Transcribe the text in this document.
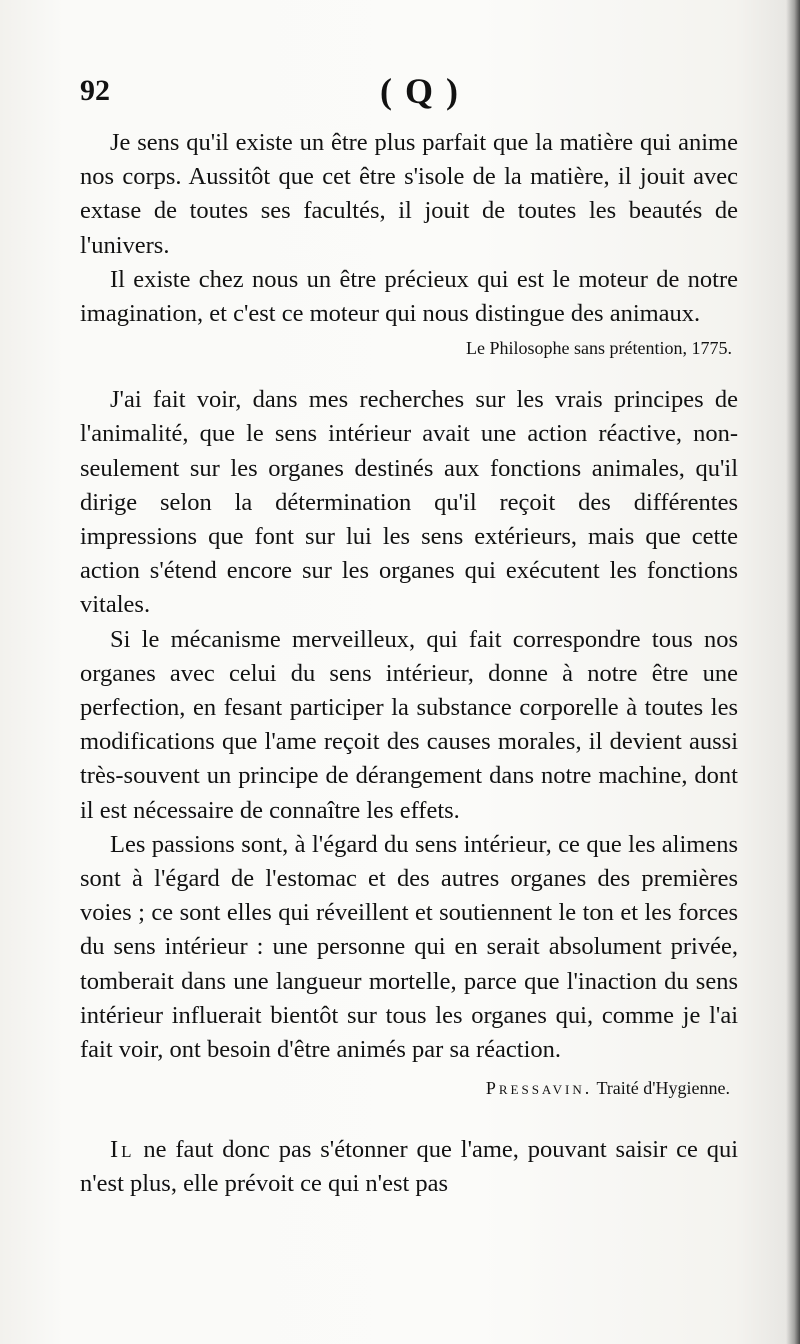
92	( Q )

Je sens qu'il existe un être plus parfait que la matière qui anime nos corps. Aussitôt que cet être s'isole de la matière, il jouit avec extase de toutes ses facultés, il jouit de toutes les beautés de l'univers.

Il existe chez nous un être précieux qui est le moteur de notre imagination, et c'est ce moteur qui nous distingue des animaux.

Le Philosophe sans prétention, 1775.

J'ai fait voir, dans mes recherches sur les vrais principes de l'animalité, que le sens intérieur avait une action réactive, non-seulement sur les organes destinés aux fonctions animales, qu'il dirige selon la détermination qu'il reçoit des différentes impressions que font sur lui les sens extérieurs, mais que cette action s'étend encore sur les organes qui exécutent les fonctions vitales.

Si le mécanisme merveilleux, qui fait correspondre tous nos organes avec celui du sens intérieur, donne à notre être une perfection, en fesant participer la substance corporelle à toutes les modifications que l'ame reçoit des causes morales, il devient aussi très-souvent un principe de dérangement dans notre machine, dont il est nécessaire de connaître les effets.

Les passions sont, à l'égard du sens intérieur, ce que les alimens sont à l'égard de l'estomac et des autres organes des premières voies ; ce sont elles qui réveillent et soutiennent le ton et les forces du sens intérieur : une personne qui en serait absolument privée, tomberait dans une langueur mortelle, parce que l'inaction du sens intérieur influerait bientôt sur tous les organes qui, comme je l'ai fait voir, ont besoin d'être animés par sa réaction.

Pressavin. Traité d'Hygienne.

Il ne faut donc pas s'étonner que l'ame, pouvant saisir ce qui n'est plus, elle prévoit ce qui n'est pas
